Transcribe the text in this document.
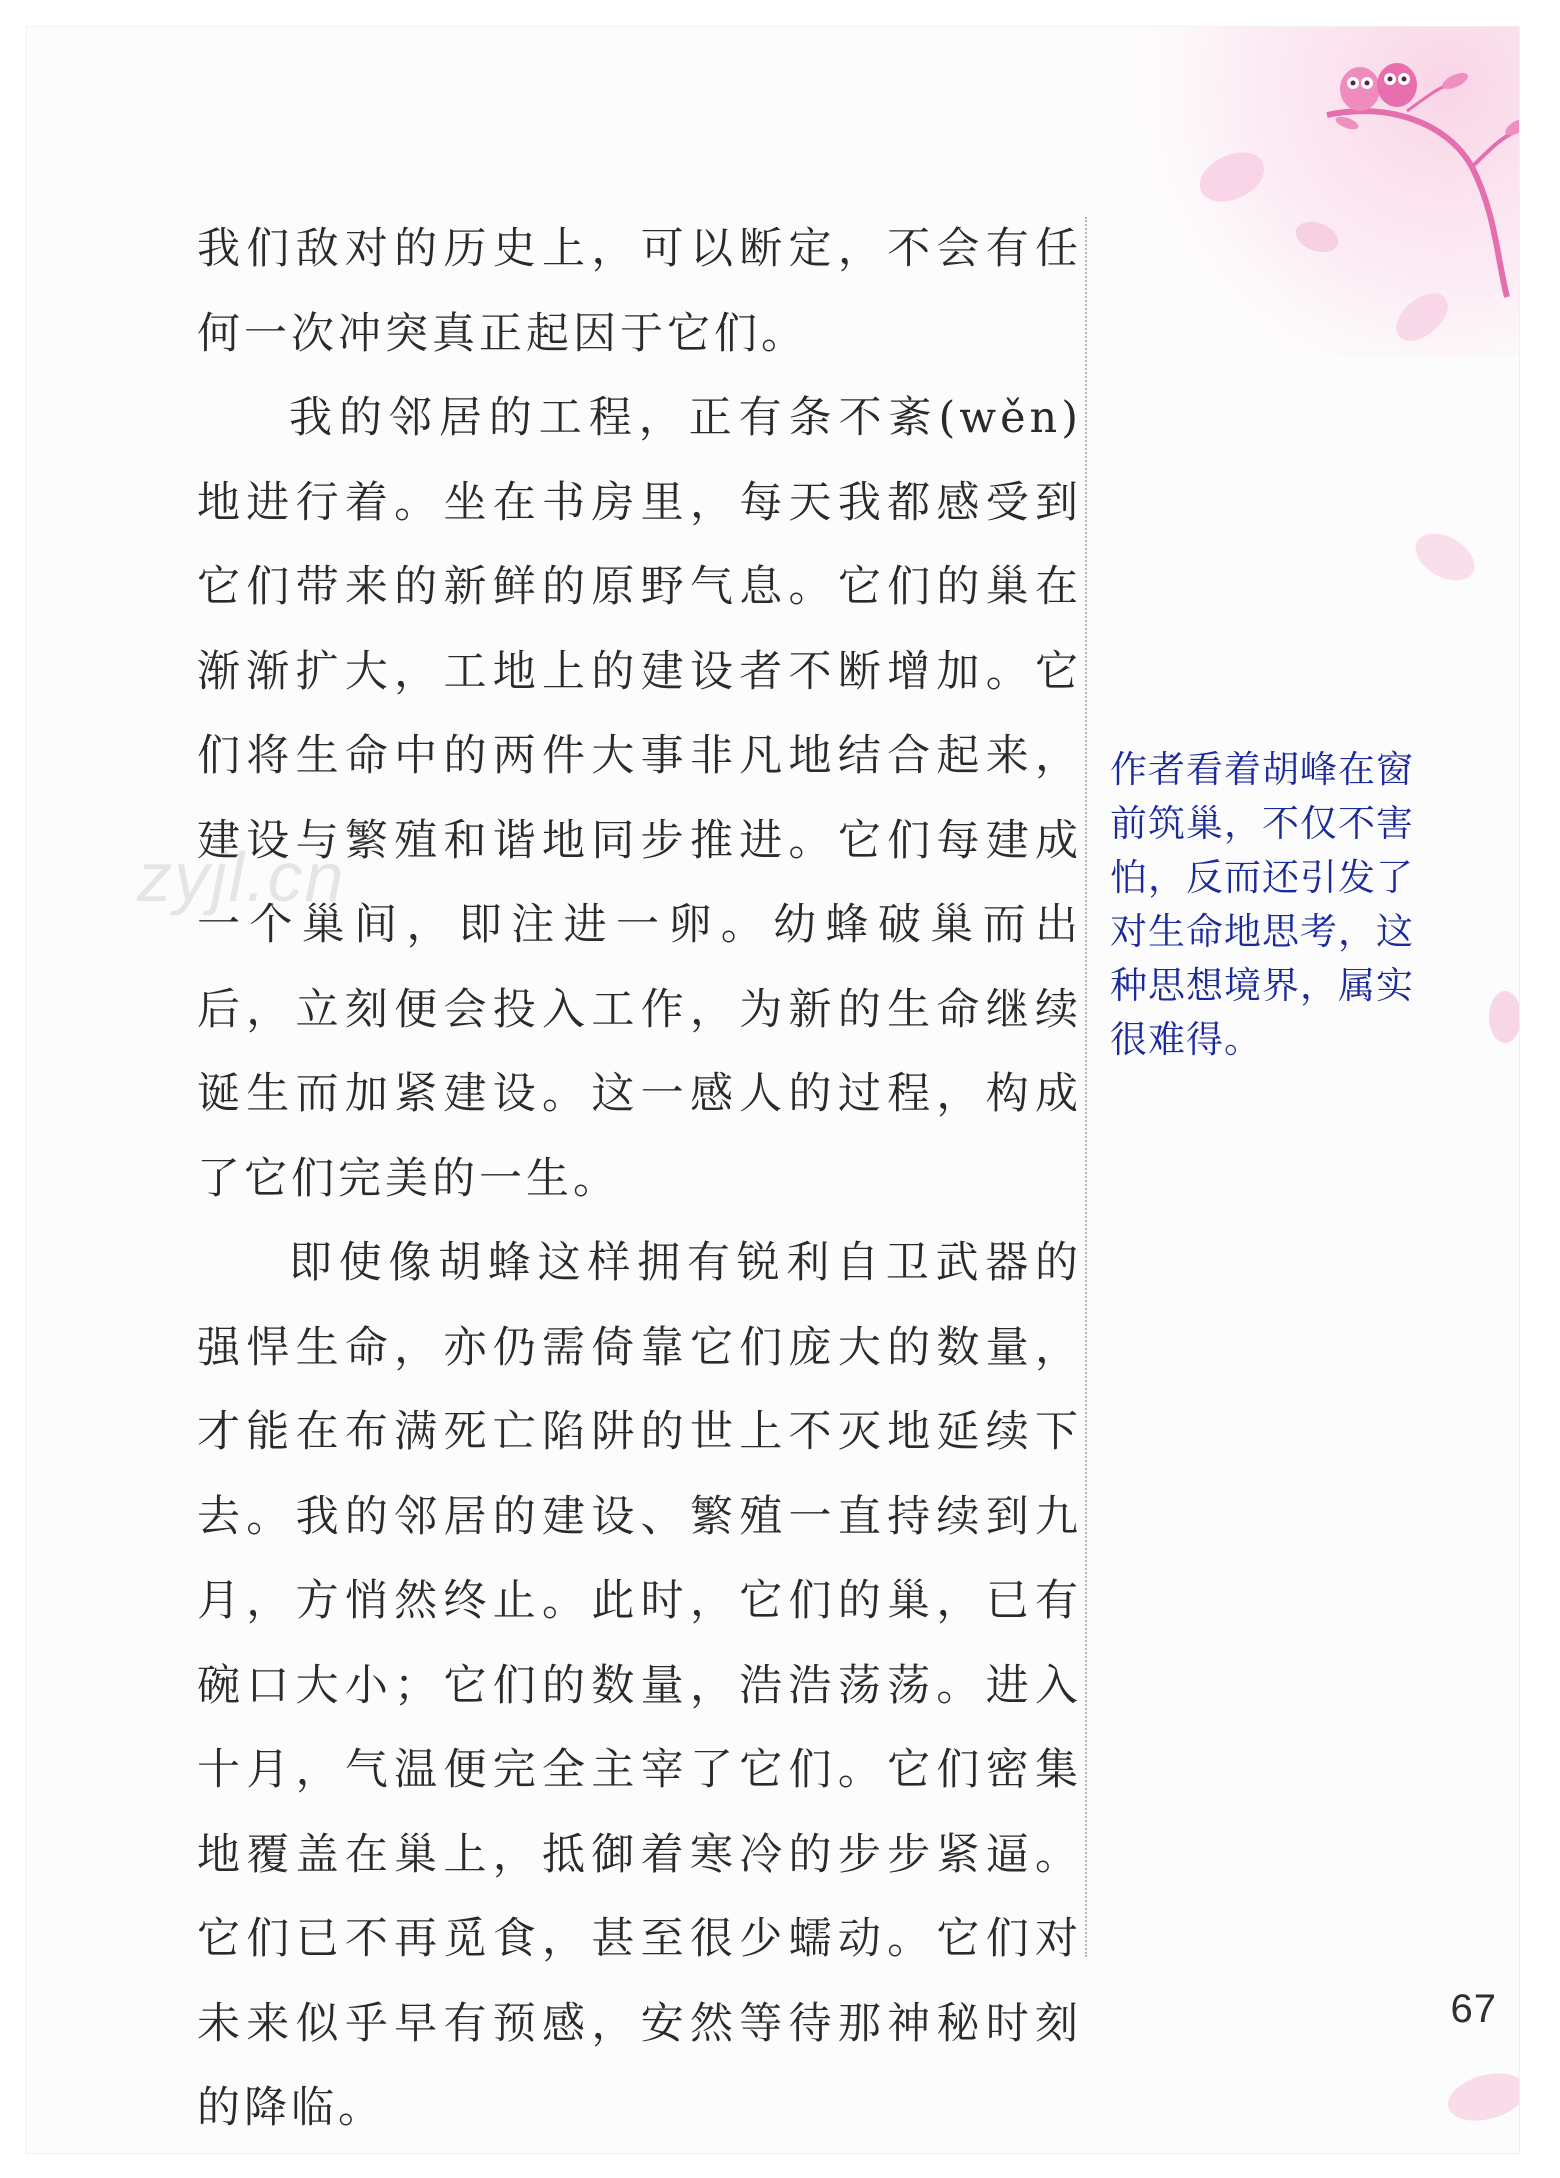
zyjl.cn

我们敌对的历史上，可以断定，不会有任何一次冲突真正起因于它们。

我的邻居的工程，正有条不紊(wěn)地进行着。坐在书房里，每天我都感受到它们带来的新鲜的原野气息。它们的巢在渐渐扩大，工地上的建设者不断增加。它们将生命中的两件大事非凡地结合起来，建设与繁殖和谐地同步推进。它们每建成一个巢间，即注进一卵。幼蜂破巢而出后，立刻便会投入工作，为新的生命继续诞生而加紧建设。这一感人的过程，构成了它们完美的一生。

即使像胡蜂这样拥有锐利自卫武器的强悍生命，亦仍需倚靠它们庞大的数量，才能在布满死亡陷阱的世上不灭地延续下去。我的邻居的建设、繁殖一直持续到九月，方悄然终止。此时，它们的巢，已有碗口大小；它们的数量，浩浩荡荡。进入十月，气温便完全主宰了它们。它们密集地覆盖在巢上，抵御着寒冷的步步紧逼。它们已不再觅食，甚至很少蠕动。它们对未来似乎早有预感，安然等待那神秘时刻的降临。

作者看着胡峰在窗前筑巢，不仅不害怕，反而还引发了对生命地思考，这种思想境界，属实很难得。
67
